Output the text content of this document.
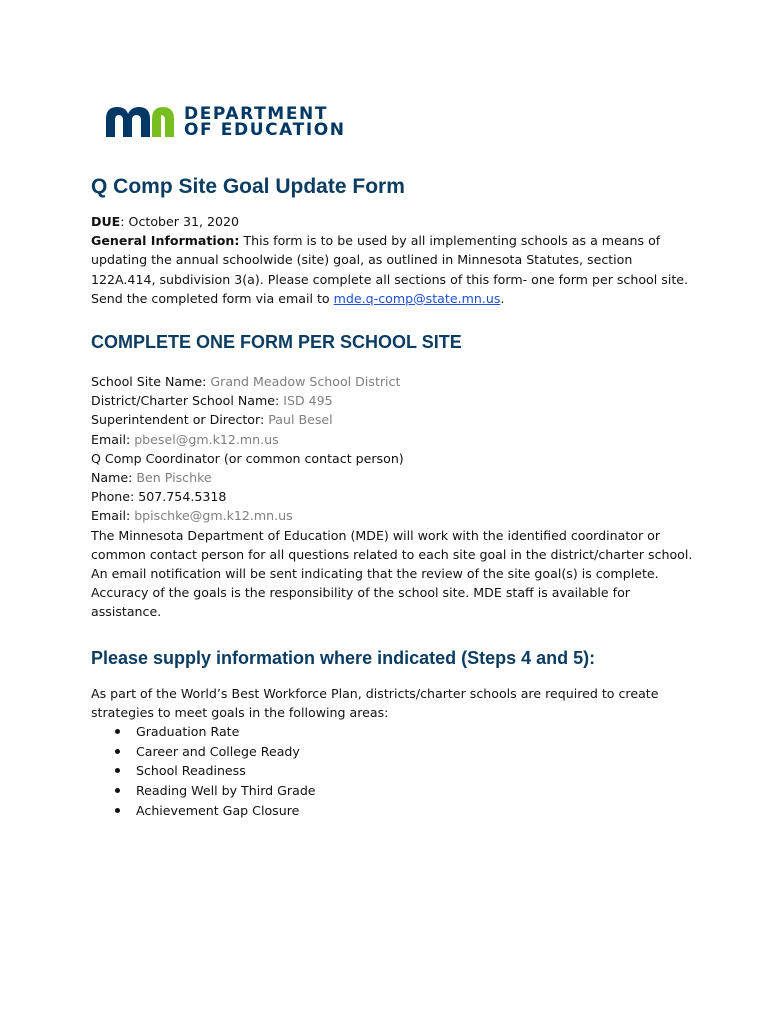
DEPARTMENT
OF EDUCATION
Q Comp Site Goal Update Form
DUE: October 31, 2020
General Information: This form is to be used by all implementing schools as a means of
updating the annual schoolwide (site) goal, as outlined in Minnesota Statutes, section
122A.414, subdivision 3(a). Please complete all sections of this form- one form per school site.
Send the completed form via email to mde.q-comp@state.mn.us.
COMPLETE ONE FORM PER SCHOOL SITE
School Site Name: Grand Meadow School District
District/Charter School Name: ISD 495
Superintendent or Director: Paul Besel
Email: pbesel@gm.k12.mn.us
Q Comp Coordinator (or common contact person)
Name: Ben Pischke
Phone: 507.754.5318
Email: bpischke@gm.k12.mn.us
The Minnesota Department of Education (MDE) will work with the identified coordinator or
common contact person for all questions related to each site goal in the district/charter school.
An email notification will be sent indicating that the review of the site goal(s) is complete.
Accuracy of the goals is the responsibility of the school site. MDE staff is available for
assistance.
Please supply information where indicated (Steps 4 and 5):
As part of the World’s Best Workforce Plan, districts/charter schools are required to create
strategies to meet goals in the following areas:
Graduation Rate
Career and College Ready
School Readiness
Reading Well by Third Grade
Achievement Gap Closure
